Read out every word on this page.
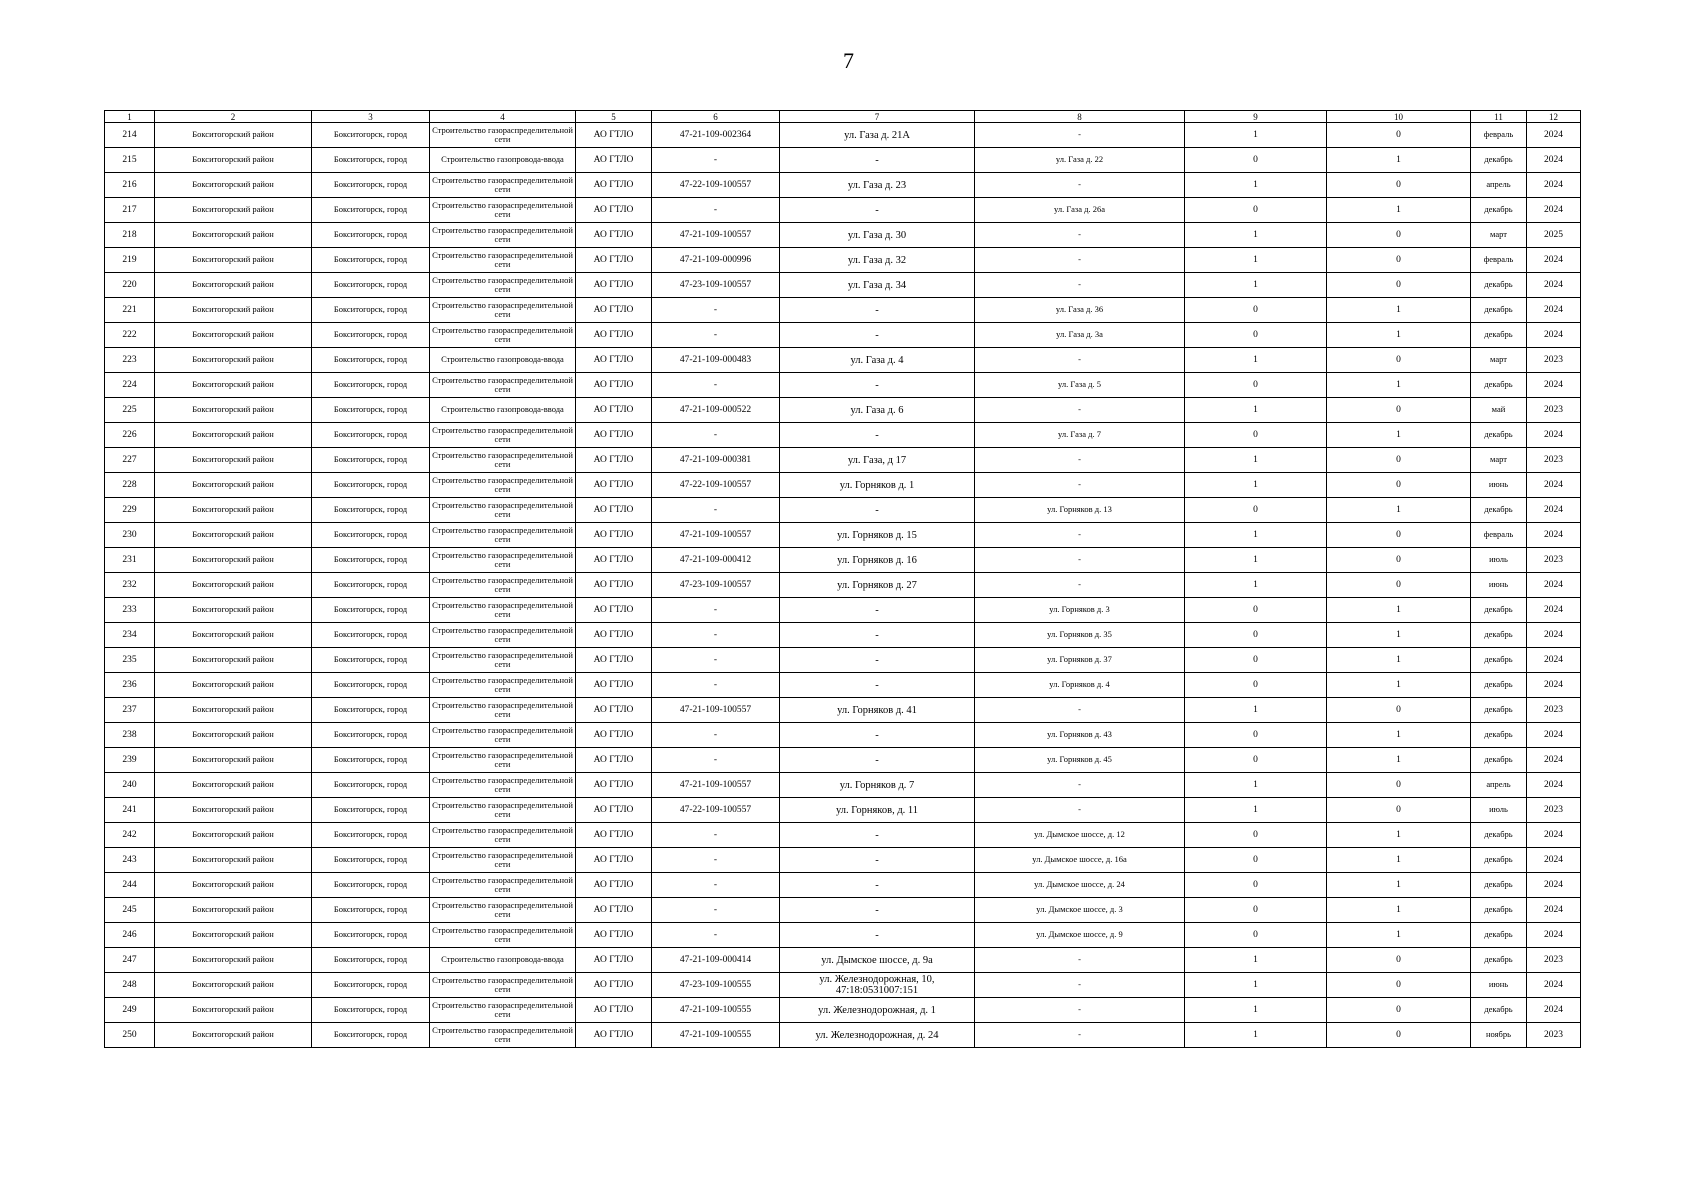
7
1	2	3	4	5	6	7	8	9	10	11	12
214	Бокситогорский район	Бокситогорск, город	Строительство газораспределительной сети	АО ГТЛО	47-21-109-002364	ул. Газа д. 21А	-	1	0	февраль	2024
215	Бокситогорский район	Бокситогорск, город	Строительство газопровода-ввода	АО ГТЛО	-	-	ул. Газа д. 22	0	1	декабрь	2024
216	Бокситогорский район	Бокситогорск, город	Строительство газораспределительной сети	АО ГТЛО	47-22-109-100557	ул. Газа д. 23	-	1	0	апрель	2024
217	Бокситогорский район	Бокситогорск, город	Строительство газораспределительной сети	АО ГТЛО	-	-	ул. Газа д. 26а	0	1	декабрь	2024
218	Бокситогорский район	Бокситогорск, город	Строительство газораспределительной сети	АО ГТЛО	47-21-109-100557	ул. Газа д. 30	-	1	0	март	2025
219	Бокситогорский район	Бокситогорск, город	Строительство газораспределительной сети	АО ГТЛО	47-21-109-000996	ул. Газа д. 32	-	1	0	февраль	2024
220	Бокситогорский район	Бокситогорск, город	Строительство газораспределительной сети	АО ГТЛО	47-23-109-100557	ул. Газа д. 34	-	1	0	декабрь	2024
221	Бокситогорский район	Бокситогорск, город	Строительство газораспределительной сети	АО ГТЛО	-	-	ул. Газа д. 36	0	1	декабрь	2024
222	Бокситогорский район	Бокситогорск, город	Строительство газораспределительной сети	АО ГТЛО	-	-	ул. Газа д. 3а	0	1	декабрь	2024
223	Бокситогорский район	Бокситогорск, город	Строительство газопровода-ввода	АО ГТЛО	47-21-109-000483	ул. Газа д. 4	-	1	0	март	2023
224	Бокситогорский район	Бокситогорск, город	Строительство газораспределительной сети	АО ГТЛО	-	-	ул. Газа д. 5	0	1	декабрь	2024
225	Бокситогорский район	Бокситогорск, город	Строительство газопровода-ввода	АО ГТЛО	47-21-109-000522	ул. Газа д. 6	-	1	0	май	2023
226	Бокситогорский район	Бокситогорск, город	Строительство газораспределительной сети	АО ГТЛО	-	-	ул. Газа д. 7	0	1	декабрь	2024
227	Бокситогорский район	Бокситогорск, город	Строительство газораспределительной сети	АО ГТЛО	47-21-109-000381	ул. Газа, д 17	-	1	0	март	2023
228	Бокситогорский район	Бокситогорск, город	Строительство газораспределительной сети	АО ГТЛО	47-22-109-100557	ул. Горняков д. 1	-	1	0	июнь	2024
229	Бокситогорский район	Бокситогорск, город	Строительство газораспределительной сети	АО ГТЛО	-	-	ул. Горняков д. 13	0	1	декабрь	2024
230	Бокситогорский район	Бокситогорск, город	Строительство газораспределительной сети	АО ГТЛО	47-21-109-100557	ул. Горняков д. 15	-	1	0	февраль	2024
231	Бокситогорский район	Бокситогорск, город	Строительство газораспределительной сети	АО ГТЛО	47-21-109-000412	ул. Горняков д. 16	-	1	0	июль	2023
232	Бокситогорский район	Бокситогорск, город	Строительство газораспределительной сети	АО ГТЛО	47-23-109-100557	ул. Горняков д. 27	-	1	0	июнь	2024
233	Бокситогорский район	Бокситогорск, город	Строительство газораспределительной сети	АО ГТЛО	-	-	ул. Горняков д. 3	0	1	декабрь	2024
234	Бокситогорский район	Бокситогорск, город	Строительство газораспределительной сети	АО ГТЛО	-	-	ул. Горняков д. 35	0	1	декабрь	2024
235	Бокситогорский район	Бокситогорск, город	Строительство газораспределительной сети	АО ГТЛО	-	-	ул. Горняков д. 37	0	1	декабрь	2024
236	Бокситогорский район	Бокситогорск, город	Строительство газораспределительной сети	АО ГТЛО	-	-	ул. Горняков д. 4	0	1	декабрь	2024
237	Бокситогорский район	Бокситогорск, город	Строительство газораспределительной сети	АО ГТЛО	47-21-109-100557	ул. Горняков д. 41	-	1	0	декабрь	2023
238	Бокситогорский район	Бокситогорск, город	Строительство газораспределительной сети	АО ГТЛО	-	-	ул. Горняков д. 43	0	1	декабрь	2024
239	Бокситогорский район	Бокситогорск, город	Строительство газораспределительной сети	АО ГТЛО	-	-	ул. Горняков д. 45	0	1	декабрь	2024
240	Бокситогорский район	Бокситогорск, город	Строительство газораспределительной сети	АО ГТЛО	47-21-109-100557	ул. Горняков д. 7	-	1	0	апрель	2024
241	Бокситогорский район	Бокситогорск, город	Строительство газораспределительной сети	АО ГТЛО	47-22-109-100557	ул. Горняков, д. 11	-	1	0	июль	2023
242	Бокситогорский район	Бокситогорск, город	Строительство газораспределительной сети	АО ГТЛО	-	-	ул. Дымское шоссе, д. 12	0	1	декабрь	2024
243	Бокситогорский район	Бокситогорск, город	Строительство газораспределительной сети	АО ГТЛО	-	-	ул. Дымское шоссе, д. 16а	0	1	декабрь	2024
244	Бокситогорский район	Бокситогорск, город	Строительство газораспределительной сети	АО ГТЛО	-	-	ул. Дымское шоссе, д. 24	0	1	декабрь	2024
245	Бокситогорский район	Бокситогорск, город	Строительство газораспределительной сети	АО ГТЛО	-	-	ул. Дымское шоссе, д. 3	0	1	декабрь	2024
246	Бокситогорский район	Бокситогорск, город	Строительство газораспределительной сети	АО ГТЛО	-	-	ул. Дымское шоссе, д. 9	0	1	декабрь	2024
247	Бокситогорский район	Бокситогорск, город	Строительство газопровода-ввода	АО ГТЛО	47-21-109-000414	ул. Дымское шоссе, д. 9а	-	1	0	декабрь	2023
248	Бокситогорский район	Бокситогорск, город	Строительство газораспределительной сети	АО ГТЛО	47-23-109-100555	ул. Железнодорожная, 10, 47:18:0531007:151	-	1	0	июнь	2024
249	Бокситогорский район	Бокситогорск, город	Строительство газораспределительной сети	АО ГТЛО	47-21-109-100555	ул. Железнодорожная, д. 1	-	1	0	декабрь	2024
250	Бокситогорский район	Бокситогорск, город	Строительство газораспределительной сети	АО ГТЛО	47-21-109-100555	ул. Железнодорожная, д. 24	-	1	0	ноябрь	2023
